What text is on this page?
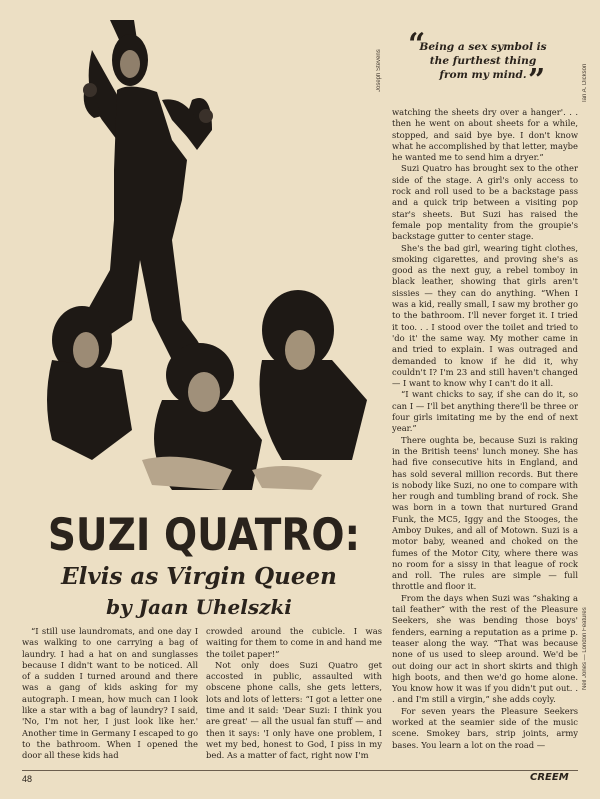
Joseph Stevens	Ian A. Dickson
Neil Jones — London Features
“
Being a sex symbol is
the furthest thing
from my mind. ”
SUZI QUATRO:
Elvis as Virgin Queen
by Jaan Uhelszki

“I still use laundromats, and one day I was walking to one carrying a bag of laundry. I had a hat on and sunglasses because I didn't want to be noticed. All of a sudden I turned around and there was a gang of kids asking for my autograph. I mean, how much can I look like a star with a bag of laundry? I said, 'No, I'm not her, I just look like her.' Another time in Germany I escaped to go to the bathroom. When I opened the door all these kids had

crowded around the cubicle. I was waiting for them to come in and hand me the toilet paper!”

Not only does Suzi Quatro get accosted in public, assaulted with obscene phone calls, she gets letters, lots and lots of letters: “I got a letter one time and it said: 'Dear Suzi: I think you are great' — all the usual fan stuff — and then it says: 'I only have one problem, I wet my bed, honest to God, I piss in my bed. As a matter of fact, right now I'm

watching the sheets dry over a hanger'. . . then he went on about sheets for a while, stopped, and said bye bye. I don't know what he accomplished by that letter, maybe he wanted me to send him a dryer.”

Suzi Quatro has brought sex to the other side of the stage. A girl's only access to rock and roll used to be a backstage pass and a quick trip between a visiting pop star's sheets. But Suzi has raised the female pop mentality from the groupie's backstage gutter to center stage.

She's the bad girl, wearing tight clothes, smoking cigarettes, and proving she's as good as the next guy, a rebel tomboy in black leather, showing that girls aren't sissies — they can do anything. “When I was a kid, really small, I saw my brother go to the bathroom. I'll never forget it. I tried it too. . . I stood over the toilet and tried to 'do it' the same way. My mother came in and tried to explain. I was outraged and demanded to know if he did it, why couldn't I? I'm 23 and still haven't changed — I want to know why I can't do it all.

“I want chicks to say, if she can do it, so can I — I'll bet anything there'll be three or four girls imitating me by the end of next year.”

There oughta be, because Suzi is raking in the British teens' lunch money. She has had five consecutive hits in England, and has sold several million records. But there is nobody like Suzi, no one to compare with her rough and tumbling brand of rock. She was born in a town that nurtured Grand Funk, the MC5, Iggy and the Stooges, the Amboy Dukes, and all of Motown. Suzi is a motor baby, weaned and choked on the fumes of the Motor City, where there was no room for a sissy in that league of rock and roll. The rules are simple — full throttle and floor it.

From the days when Suzi was “shaking a tail feather” with the rest of the Pleasure Seekers, she was bending those boys' fenders, earning a reputation as a prime p. teaser along the way. “That was because none of us used to sleep around. We'd be out doing our act in short skirts and thigh high boots, and then we'd go home alone. You know how it was if you didn't put out. . . and I'm still a virgin,” she adds coyly.

For seven years the Pleasure Seekers worked at the seamier side of the music scene. Smokey bars, strip joints, army bases. You learn a lot on the road —

48	CREEM
